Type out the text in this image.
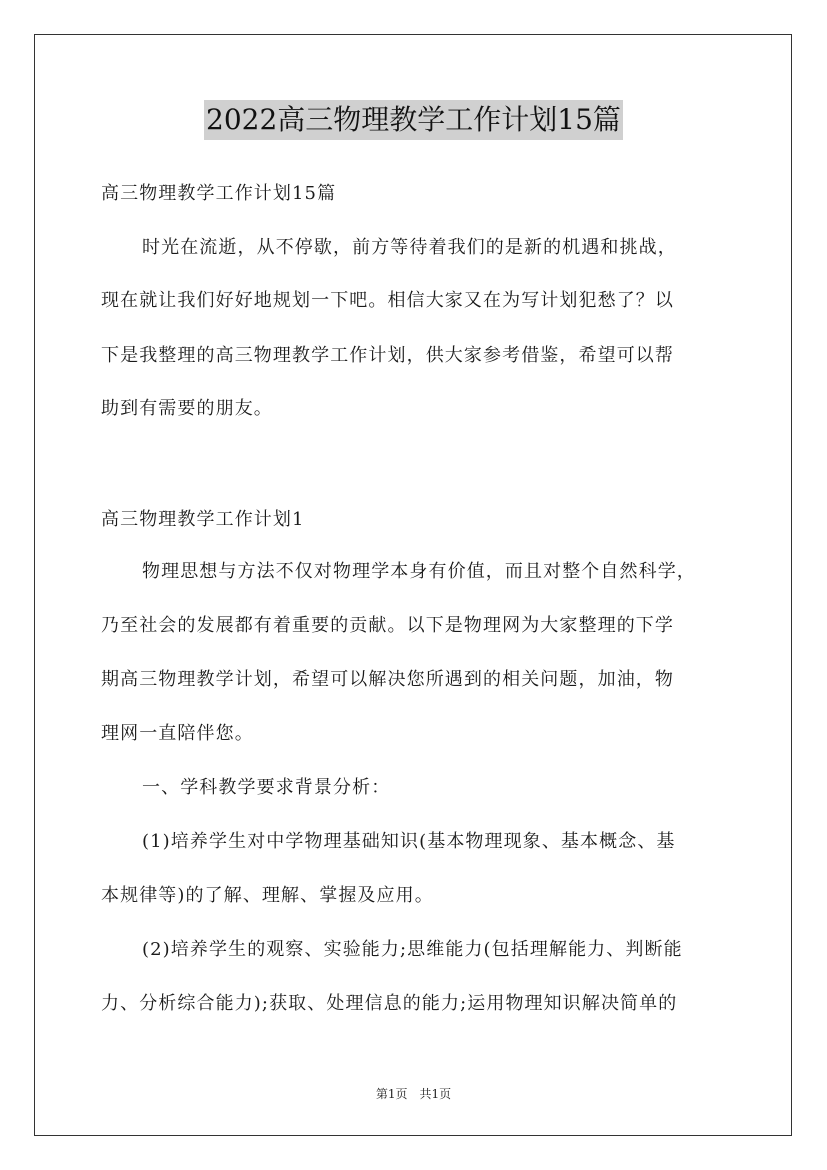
2022高三物理教学工作计划15篇
高三物理教学工作计划15篇
时光在流逝，从不停歇，前方等待着我们的是新的机遇和挑战，
现在就让我们好好地规划一下吧。相信大家又在为写计划犯愁了？以
下是我整理的高三物理教学工作计划，供大家参考借鉴，希望可以帮
助到有需要的朋友。
高三物理教学工作计划1
物理思想与方法不仅对物理学本身有价值，而且对整个自然科学，
乃至社会的发展都有着重要的贡献。以下是物理网为大家整理的下学
期高三物理教学计划，希望可以解决您所遇到的相关问题，加油，物
理网一直陪伴您。
一、学科教学要求背景分析：
(1)培养学生对中学物理基础知识(基本物理现象、基本概念、基
本规律等)的了解、理解、掌握及应用。
(2)培养学生的观察、实验能力;思维能力(包括理解能力、判断能
力、分析综合能力);获取、处理信息的能力;运用物理知识解决简单的
第1页 共1页
